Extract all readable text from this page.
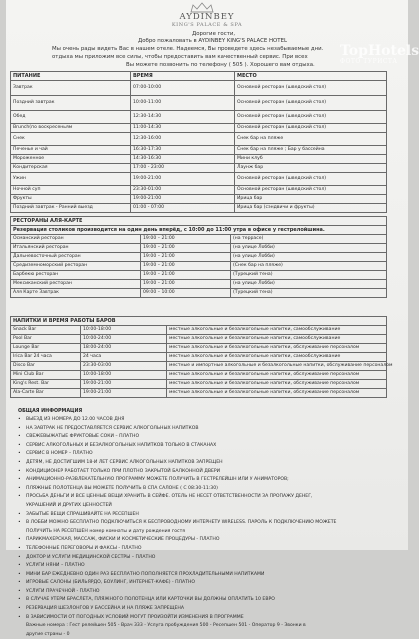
AYDINBEY
KING'S PALACE & SPA
Дорогие гости,
Добро пожаловать в AYDINBEY KING'S PALACE HOTEL
Мы очень рады видеть Вас в нашем отеле. Надеемся, Вы проведете здесь незабываемые дни.
отдыха мы приложим все силы, чтобы предоставить вам качественный сервис. При всех
Вы можете позвонить по телефону ( 505 ). Хорошего вам отдыха.
TopHotels
ФОТО ТУРИСТА
ПИТАНИЕ	ВРЕМЯ	МЕСТО
Завтрак	07:00-10:00	Основной ресторан (шведский стол)
Поздний завтрак	10:00-11:00	Основной ресторан (шведский стол)
Обед	12:30-14:30	Основной ресторан (шведский стол)
Brunch(по воскресеньям	11:00-14:30	Основной ресторан (шведский стол)
Снек	12:30-16:00	Снек бар на пляже
Печенье и чай	16:30-17:30	Снек бар на пляже ; Бар у бассейна
Мороженное	14:30-16:30	Мини клуб
Кондитерская	17:00 - 23:00	Лаунж бар
Ужин	19:00-21:00	Основной ресторан (шведский стол)
Ночной суп	23:30-01:00	Основной ресторан (шведский стол)
Фрукты	19:00-21:00	Ирица бар
Поздний завтрак - Ранний выезд	01:00 - 07:00	Ирица бар (сэндвичи и фрукты)
РЕСТОРАНЫ АЛЯ-КАРТЕ		
Резервация столиков производится на один день вперёд, с 10:00 до 11:00 утра в офисе у гестрелойшина.		
Османский ресторан	19:00 – 21:00	(на террасе)
Итальянский ресторан	19:00 – 21:00	(на улице Лобби)
Дальневосточный ресторан	19:00 – 21:00	(на улице Лобби)
Средиземноморский ресторан	19:00 – 21:00	(Снек бар на пляже)
Барбекю ресторан	19:00 – 21:00	(Турецкий тена)
Мексиканский ресторан	19:00 – 21:00	(на улице Лобби)
Аля Карте Завтрак	09:00 – 10:00	(Турецкий тена)
НАПИТКИ И ВРЕМЯ РАБОТЫ БАРОВ		
Snack Bar	10:00-18:00	местные алкогольные и безалкогольные напитки, самообслуживание
Pool Bar	10:00-24:00	местные алкогольные и безалкогольные напитки, самообслуживание
Lounge Bar	18:00-24:00	местные алкогольные и безалкогольные напитки, обслуживание персоналом
Irica Bar 24 часа	24 часа	местные алкогольные и безалкогольные напитки, самообслуживание
Disco Bar	23:30-03:00	местные и импортные алкогольные и безалкогольные напитки, обслуживание персоналом
Mini Club Bar	10:00-18:00	местные алкогольные и безалкогольные напитки, обслуживание персоналом
King's Rest. Bar	19:00-21:00	местные алкогольные и безалкогольные напитки, обслуживание персоналом
Ala-Carte Bar	19:00-21:00	местные алкогольные и безалкогольные напитки, обслуживание персоналом
ОБЩАЯ ИНФОРМАЦИЯ
• ВЫЕЗД ИЗ НОМЕРА ДО 12.00 ЧАСОВ ДНЯ
• НА ЗАВТРАК НЕ ПРЕДОСТАВЛЯЕТСЯ СЕРВИС АЛКОГОЛЬНЫХ НАПИТКОВ
• СВЕЖЕВЫЖАТЫЕ ФРУКТОВЫЕ СОКИ – ПЛАТНО
• СЕРВИС АЛКОГОЛЬНЫХ И БЕЗАЛКОГОЛЬНЫХ НАПИТКОВ ТОЛЬКО В СТАКАНАХ
• СЕРВИС В НОМЕР – ПЛАТНО
• ДЕТЯМ, НЕ ДОСТИГШИМ 18-И ЛЕТ СЕРВИС АЛКОГОЛЬНЫХ НАПИТКОВ ЗАПРЕЩЕН
• КОНДИЦИОНЕР РАБОТАЕТ ТОЛЬКО ПРИ ПЛОТНО ЗАКРЫТОЙ БАЛКОННОЙ ДВЕРИ
• АНИМАЦИОННО-РАЗВЛЕКАТЕЛЬНУЮ ПРОГРАММУ МОЖЕТЕ ПОЛУЧИТЬ В ГЕСТРЕЛЕЙШН ИЛИ У АНИМАТОРОВ;
• ПЛЯЖНЫЕ ПОЛОТЕНЦА ВЫ МОЖЕТЕ ПОЛУЧИТЬ В СПА САЛОНЕ ( С 08:30-11:30)
• ПРОСЬБА ДЕНЬГИ И ВСЕ ЦЕННЫЕ ВЕЩИ ХРАНИТЬ В СЕЙФЕ. ОТЕЛЬ НЕ НЕСЕТ ОТВЕТСТВЕННОСТИ ЗА ПРОПАЖУ ДЕНЕГ,
УКРАШЕНИЙ И ДРУГИХ ЦЕННОСТЕЙ
• ЗАБЫТЫЕ ВЕЩИ СПРАШИВАЙТЕ НА РЕСЕПШЕН
• В ЛОББИ МОЖНО БЕСПЛАТНО ПОДКЛЮЧИТЬСЯ К БЕСПРОВОДНОМУ ИНТЕРНЕТУ WIRELESS. ПАРОЛЬ К ПОДКЛЮЧЕНИЮ МОЖЕТЕ
ПОЛУЧИТЬ НА РЕСЕПШЕН номер комнаты и дату рождения гостя
• ПАРИКМАХЕРСКАЯ, МАССАЖ, ФИСКИ И КОСМЕТИЧЕСКИЕ ПРОЦЕДУРЫ - ПЛАТНО
• ТЕЛЕФОННЫЕ ПЕРЕГОВОРЫ И ФАКСЫ - ПЛАТНО
• ДОКТОР И УСЛУГИ МЕДИЦИНСКОЙ СЕСТРЫ – ПЛАТНО
• УСЛУГИ НЯНИ – ПЛАТНО
• МИНИ БАР ЕЖЕДНЕВНО ОДИН РАЗ БЕСПЛАТНО ПОПОЛНЯЕТСЯ ПРОХЛАДИТЕЛЬНЫМИ НАПИТКАМИ
• ИГРОВЫЕ САЛОНЫ (БИЛЬЯРДО, БОУЛИНГ, ИНТЕРНЕТ-КАФЕ) - ПЛАТНО
• УСЛУГИ ПРАЧЕЧНОЙ - ПЛАТНО
• В СЛУЧАЕ УТЕРИ БРАСЛЕТА, ПЛЯЖНОГО ПОЛОТЕНЦА ИЛИ КАРТОЧКИ ВЫ ДОЛЖНЫ ОПЛАТИТЬ 10 ЕВРО
• РЕЗЕРВАЦИЯ ШЕЗЛОНГОВ У БАССЕЙНА И НА ПЛЯЖЕ ЗАПРЕЩЕНА
• В ЗАВИСИМОСТИ ОТ ПОГОДНЫХ УСЛОВИЙ МОГУТ ПРОИЗОЙТИ ИЗМЕНЕНИЯ В ПРОГРАММЕ
Важные номера : Гест релейшен 505 - Врач 333 - Услуга пробуждения 500 - Ресепшен 501 - Оператор 9 - Звонки в
другие страны - 0
